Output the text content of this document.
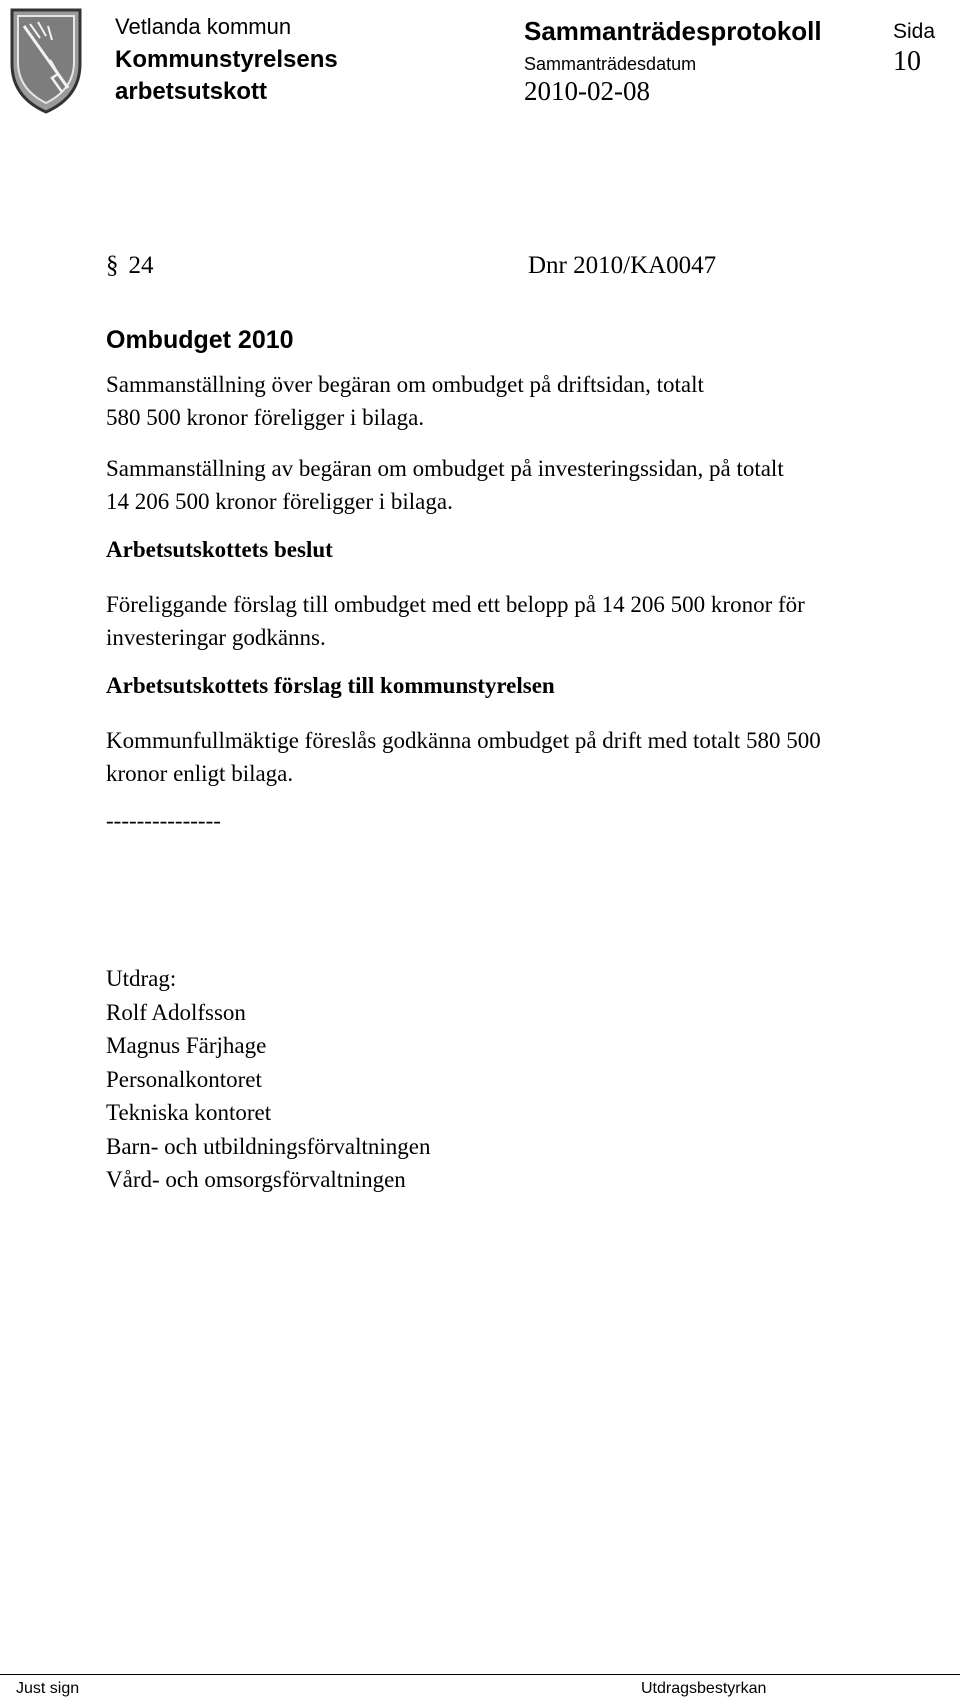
Vetlanda kommun
Kommunstyrelsens arbetsutskott
Sammanträdesprotokoll	Sida
Sammanträdesdatum	10
2010-02-08
§ 24	Dnr 2010/KA0047
Ombudget 2010
Sammanställning över begäran om ombudget på driftsidan, totalt
580 500 kronor föreligger i bilaga.
Sammanställning av begäran om ombudget på investeringssidan, på totalt
14 206 500 kronor föreligger i bilaga.
Arbetsutskottets beslut
Föreliggande förslag till ombudget med ett belopp på 14 206 500 kronor för
investeringar godkänns.
Arbetsutskottets förslag till kommunstyrelsen
Kommunfullmäktige föreslås godkänna ombudget på drift med totalt 580 500
kronor enligt bilaga.
---------------
Utdrag:
Rolf Adolfsson
Magnus Färjhage
Personalkontoret
Tekniska kontoret
Barn- och utbildningsförvaltningen
Vård- och omsorgsförvaltningen
Just sign	Utdragsbestyrkan
